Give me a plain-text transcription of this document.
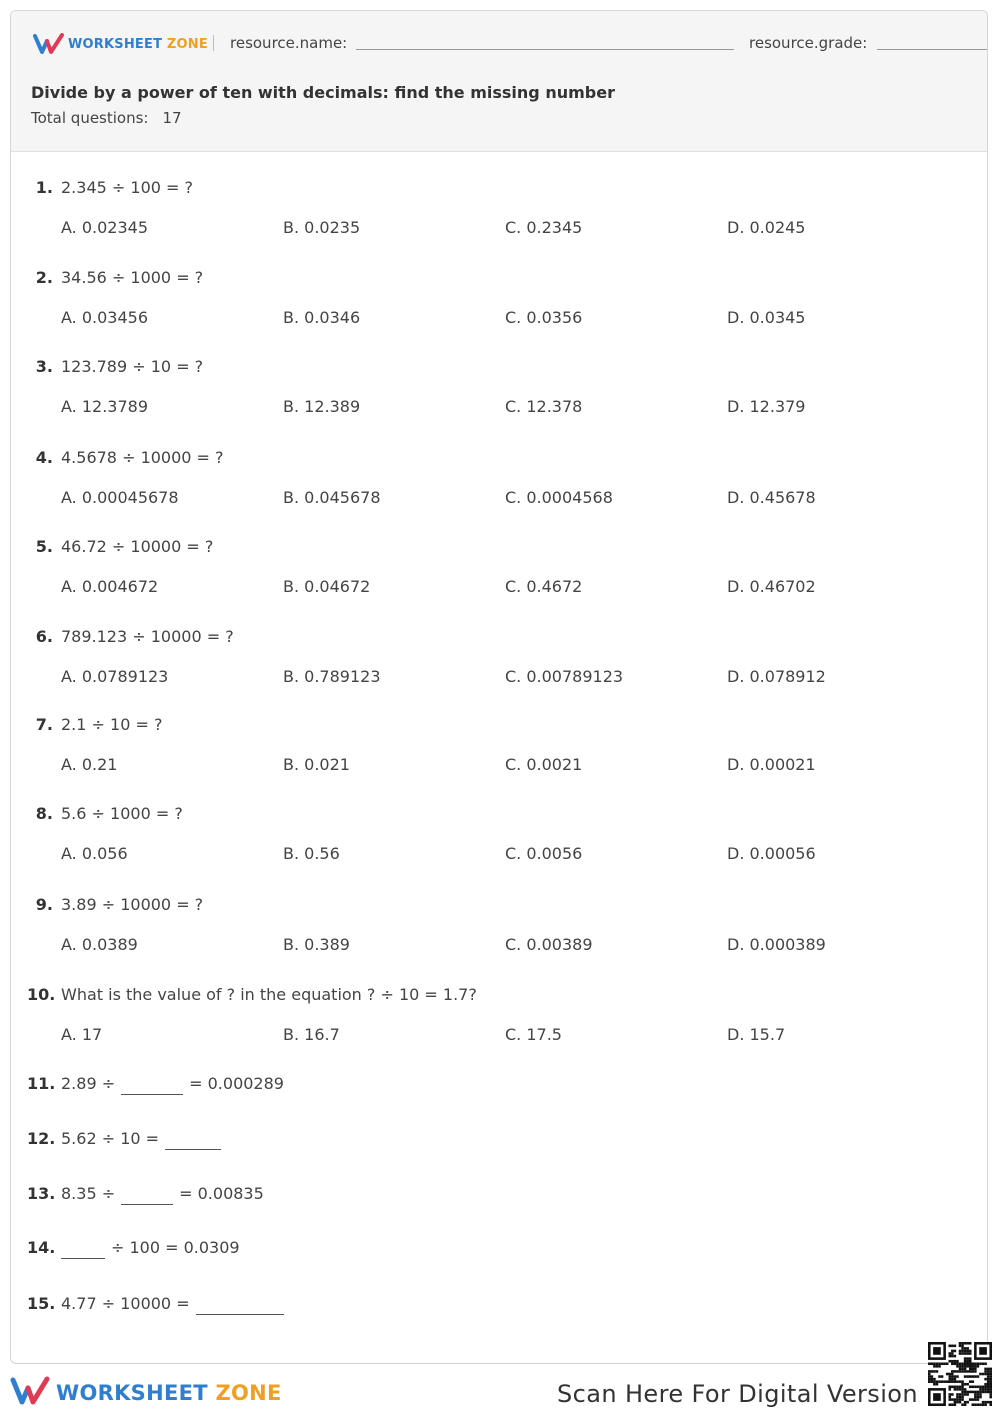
WORKSHEET ZONE resource.name:	resource.grade:
Divide by a power of ten with decimals: find the missing number
Total questions: 17
1. 2.345 ÷ 100 = ?
A. 0.02345	B. 0.0235	C. 0.2345	D. 0.0245
2. 34.56 ÷ 1000 = ?
A. 0.03456	B. 0.0346	C. 0.0356	D. 0.0345
3. 123.789 ÷ 10 = ?
A. 12.3789	B. 12.389	C. 12.378	D. 12.379
4. 4.5678 ÷ 10000 = ?
A. 0.00045678	B. 0.045678	C. 0.0004568	D. 0.45678
5. 46.72 ÷ 10000 = ?
A. 0.004672	B. 0.04672	C. 0.4672	D. 0.46702
6. 789.123 ÷ 10000 = ?
A. 0.0789123	B. 0.789123	C. 0.00789123	D. 0.078912
7. 2.1 ÷ 10 = ?
A. 0.21	B. 0.021	C. 0.0021	D. 0.00021
8. 5.6 ÷ 1000 = ?
A. 0.056	B. 0.56	C. 0.0056	D. 0.00056
9. 3.89 ÷ 10000 = ?
A. 0.0389	B. 0.389	C. 0.00389	D. 0.000389
10. What is the value of ? in the equation ? ÷ 10 = 1.7?
A. 17	B. 16.7	C. 17.5	D. 15.7
11. 2.89 ÷	= 0.000289
12. 5.62 ÷ 10 =
13. 8.35 ÷	= 0.00835
14.	÷ 100 = 0.0309
15. 4.77 ÷ 10000 =
WORKSHEET ZONE	Scan Here For Digital Version
